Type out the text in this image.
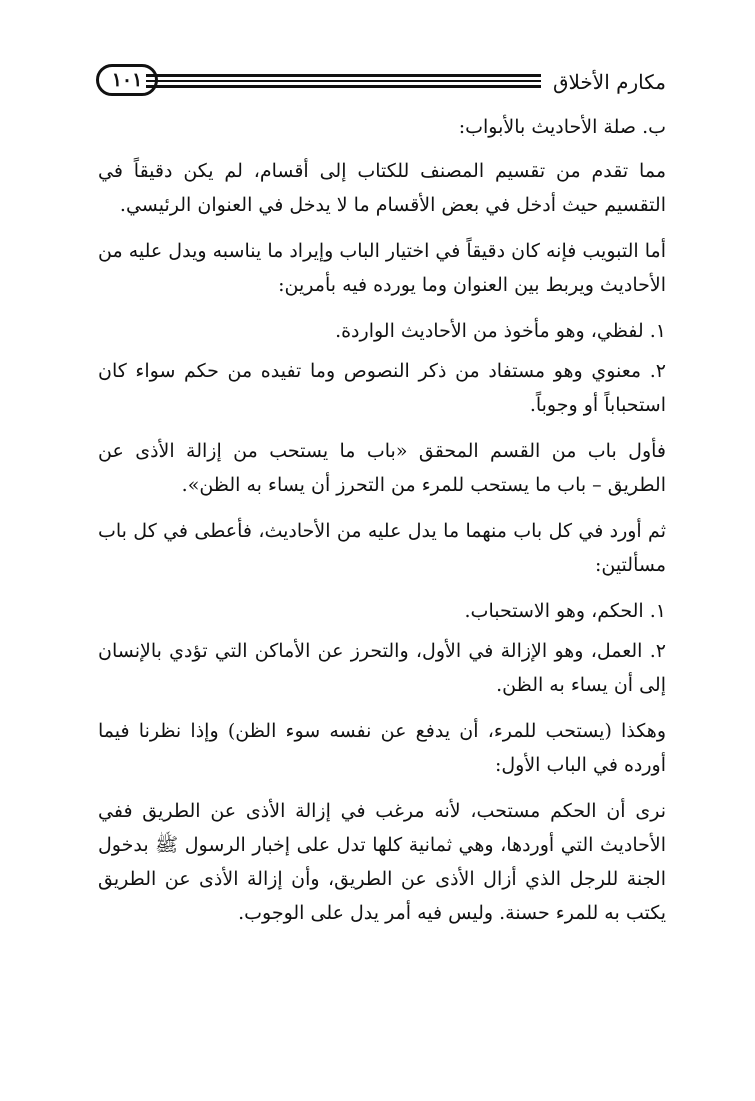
مكارم الأخلاق
١٠١

ب. صلة الأحاديث بالأبواب:

مما تقدم من تقسيم المصنف للكتاب إلى أقسام، لم يكن دقيقاً في التقسيم حيث أدخل في بعض الأقسام ما لا يدخل في العنوان الرئيسي.

أما التبويب فإنه كان دقيقاً في اختيار الباب وإيراد ما يناسبه ويدل عليه من الأحاديث ويربط بين العنوان وما يورده فيه بأمرين:

١. لفظي، وهو مأخوذ من الأحاديث الواردة.

٢. معنوي وهو مستفاد من ذكر النصوص وما تفيده من حكم سواء كان استحباباً أو وجوباً.

فأول باب من القسم المحقق «باب ما يستحب من إزالة الأذى عن الطريق – باب ما يستحب للمرء من التحرز أن يساء به الظن».

ثم أورد في كل باب منهما ما يدل عليه من الأحاديث، فأعطى في كل باب مسألتين:

١. الحكم، وهو الاستحباب.

٢. العمل، وهو الإزالة في الأول، والتحرز عن الأماكن التي تؤدي بالإنسان إلى أن يساء به الظن.

وهكذا (يستحب للمرء، أن يدفع عن نفسه سوء الظن) وإذا نظرنا فيما أورده في الباب الأول:

نرى أن الحكم مستحب، لأنه مرغب في إزالة الأذى عن الطريق ففي الأحاديث التي أوردها، وهي ثمانية كلها تدل على إخبار الرسول ﷺ بدخول الجنة للرجل الذي أزال الأذى عن الطريق، وأن إزالة الأذى عن الطريق يكتب به للمرء حسنة. وليس فيه أمر يدل على الوجوب.
